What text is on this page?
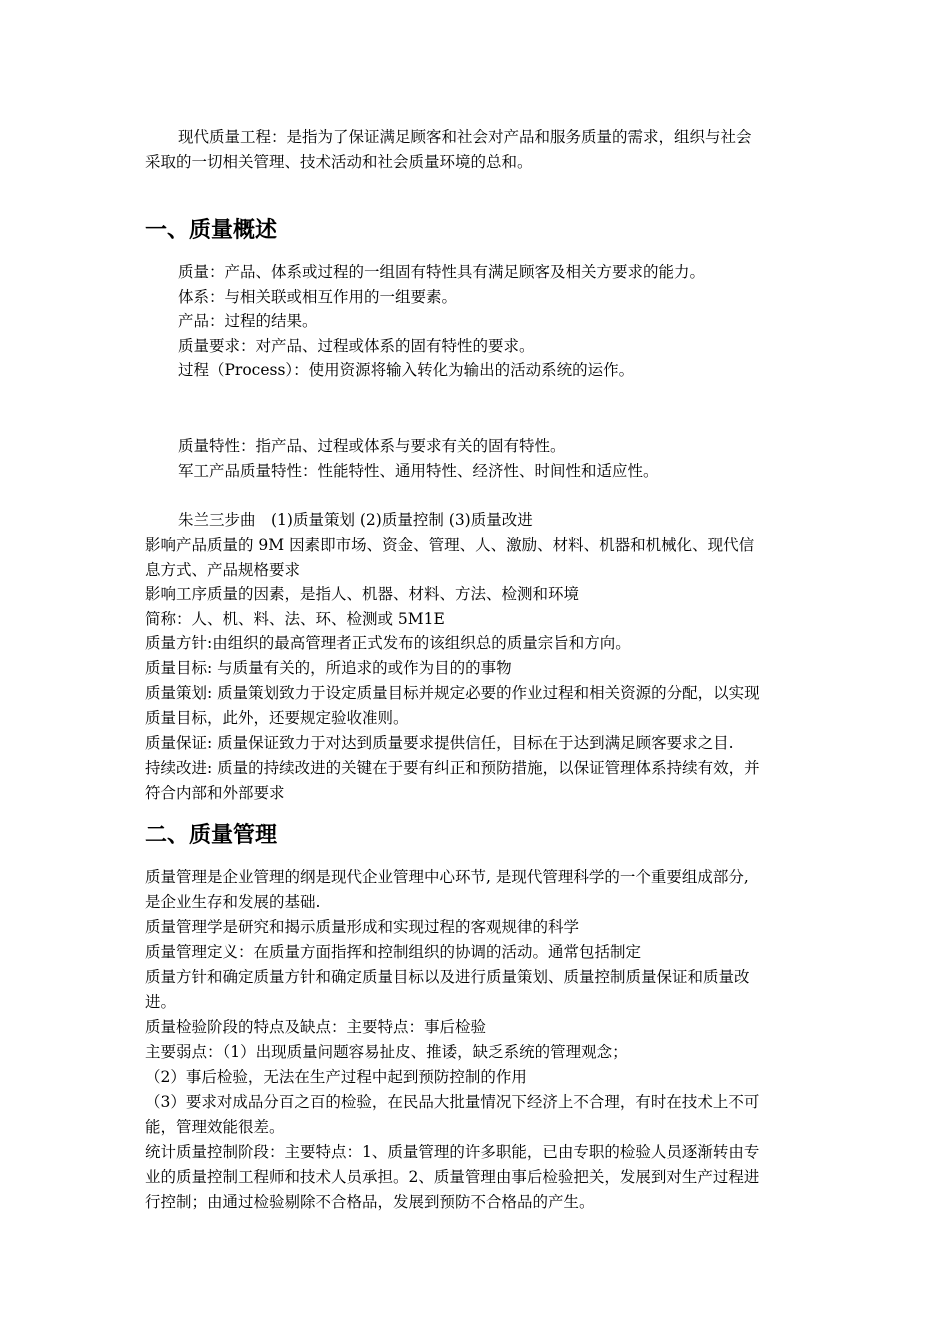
现代质量工程：是指为了保证满足顾客和社会对产品和服务质量的需求，组织与社会
采取的一切相关管理、技术活动和社会质量环境的总和。
一、质量概述
质量：产品、体系或过程的一组固有特性具有满足顾客及相关方要求的能力。
体系：与相关联或相互作用的一组要素。
产品：过程的结果。
质量要求：对产品、过程或体系的固有特性的要求。
过程（Process）：使用资源将输入转化为输出的活动系统的运作。
质量特性：指产品、过程或体系与要求有关的固有特性。
军工产品质量特性：性能特性、通用特性、经济性、时间性和适应性。
朱兰三步曲　(1)质量策划 (2)质量控制 (3)质量改进
影响产品质量的 9M 因素即市场、资金、管理、人、激励、材料、机器和机械化、现代信
息方式、产品规格要求
影响工序质量的因素，是指人、机器、材料、方法、检测和环境
简称：人、机、料、法、环、检测或 5M1E
质量方针:由组织的最高管理者正式发布的该组织总的质量宗旨和方向。
质量目标: 与质量有关的，所追求的或作为目的的事物
质量策划: 质量策划致力于设定质量目标并规定必要的作业过程和相关资源的分配，以实现
质量目标，此外，还要规定验收准则。
质量保证: 质量保证致力于对达到质量要求提供信任，目标在于达到满足顾客要求之目.
持续改进: 质量的持续改进的关键在于要有纠正和预防措施，以保证管理体系持续有效，并
符合内部和外部要求
二、质量管理
质量管理是企业管理的纲是现代企业管理中心环节, 是现代管理科学的一个重要组成部分,
是企业生存和发展的基础.
质量管理学是研究和揭示质量形成和实现过程的客观规律的科学
质量管理定义：在质量方面指挥和控制组织的协调的活动。通常包括制定
质量方针和确定质量方针和确定质量目标以及进行质量策划、质量控制质量保证和质量改
进。
质量检验阶段的特点及缺点：主要特点：事后检验
主要弱点：（1）出现质量问题容易扯皮、推诿，缺乏系统的管理观念；
（2）事后检验，无法在生产过程中起到预防控制的作用
（3）要求对成品分百之百的检验，在民品大批量情况下经济上不合理，有时在技术上不可
能，管理效能很差。
统计质量控制阶段：主要特点：1、质量管理的许多职能，已由专职的检验人员逐渐转由专
业的质量控制工程师和技术人员承担。2、质量管理由事后检验把关，发展到对生产过程进
行控制；由通过检验剔除不合格品，发展到预防不合格品的产生。
